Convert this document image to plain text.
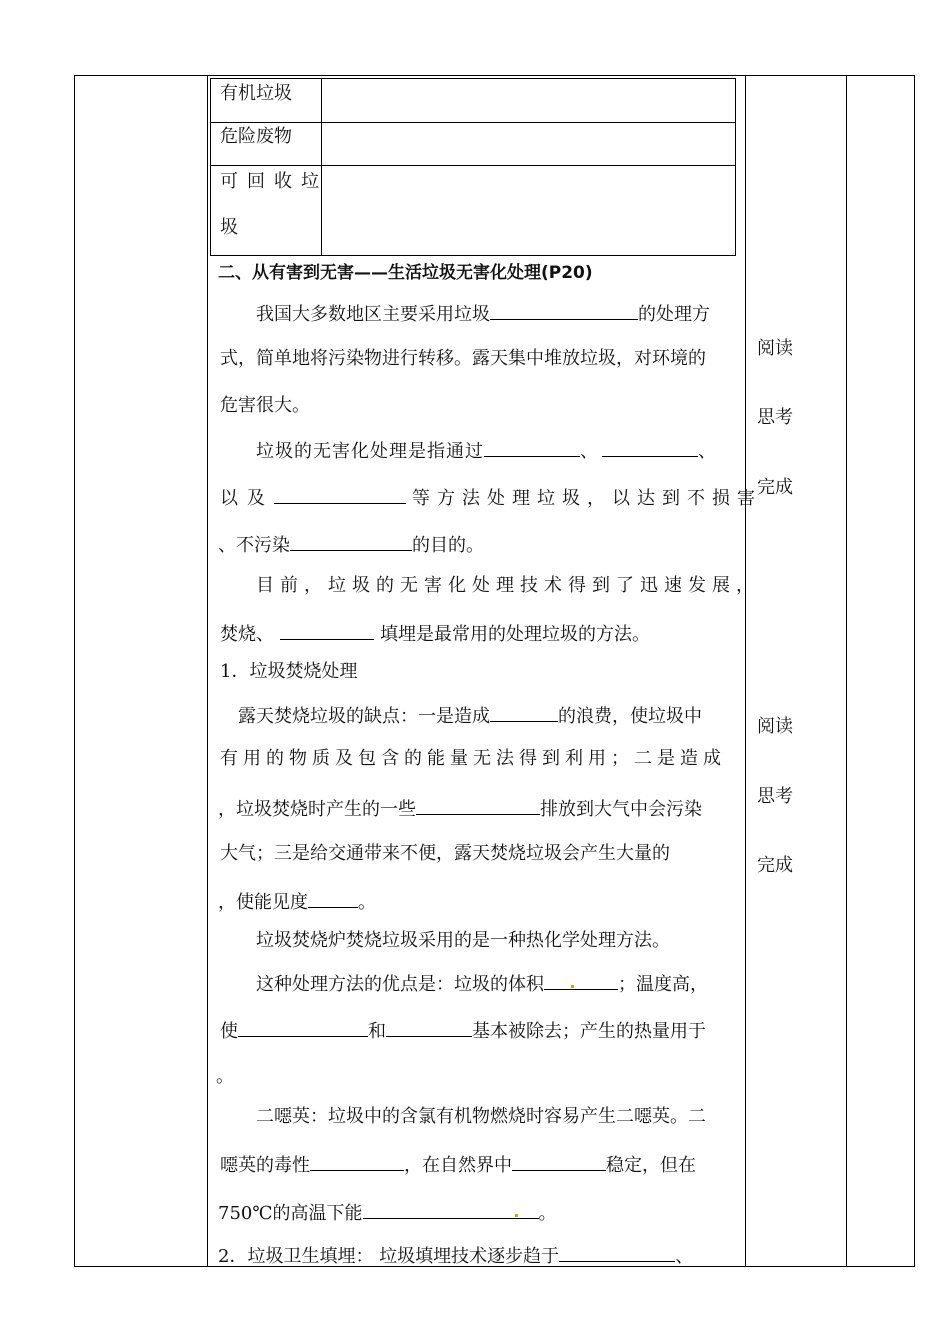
有机垃圾
危险废物
可回收垃
圾
二、从有害到无害——生活垃圾无害化处理(P20)
我国大多数地区主要采用垃圾	的处理方
式，简单地将污染物进行转移。露天集中堆放垃圾，对环境的
危害很大。
垃圾的无害化处理是指通过	、	、
以及	等方法处理垃圾，以达到不损害
、不污染	的目的。
目前，垃圾的无害化处理技术得到了迅速发展，
焚烧、	填埋是最常用的处理垃圾的方法。
1．垃圾焚烧处理
露天焚烧垃圾的缺点：一是造成	的浪费，使垃圾中
有用的物质及包含的能量无法得到利用；二是造成
，垃圾焚烧时产生的一些	排放到大气中会污染
大气；三是给交通带来不便，露天焚烧垃圾会产生大量的
，使能见度	。
垃圾焚烧炉焚烧垃圾采用的是一种热化学处理方法。
这种处理方法的优点是：垃圾的体积	；温度高，
使	和	基本被除去；产生的热量用于
。
二噁英：垃圾中的含氯有机物燃烧时容易产生二噁英。二
噁英的毒性	，在自然界中	稳定，但在
750℃的高温下能	。
2．垃圾卫生填埋： 垃圾填埋技术逐步趋于	、
阅读
思考
完成
阅读
思考
完成
